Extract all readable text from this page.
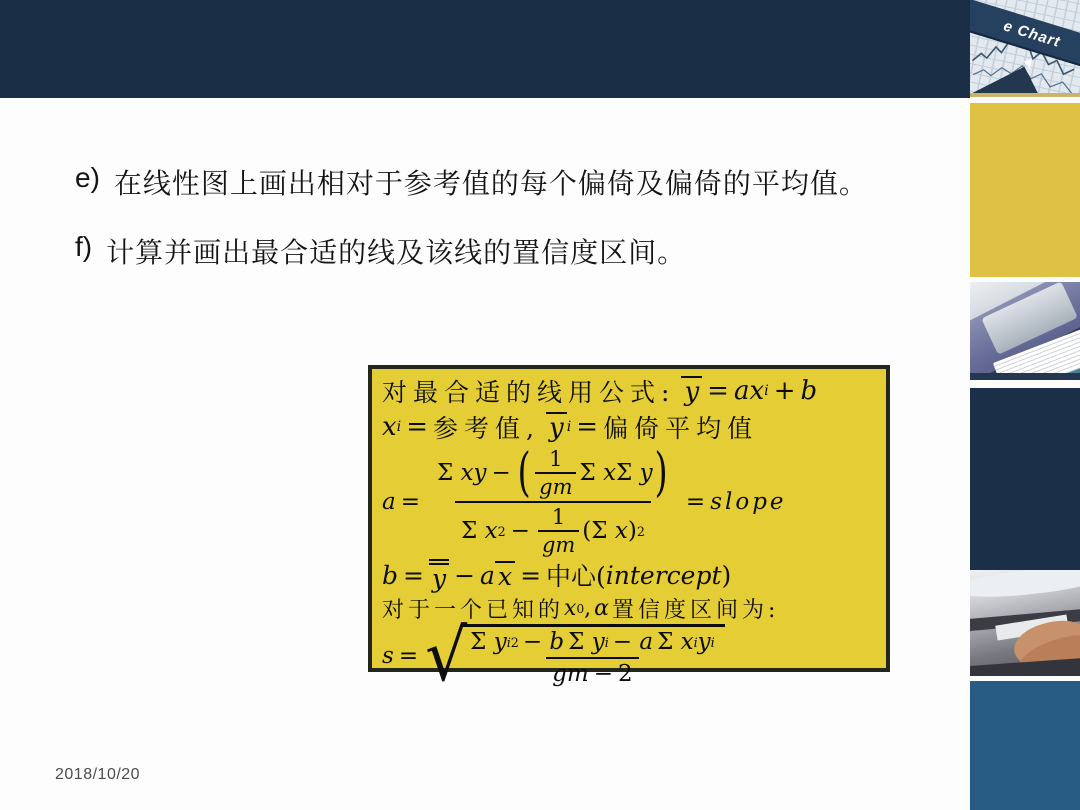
e) 在线性图上画出相对于参考值的每个偏倚及偏倚的平均值。
f) 计算并画出最合适的线及该线的置信度区间。
对最合适的线用公式: y = ax i + b
x i = 参考值, y i = 偏倚平均值
a =
Σ
xy − ( $\frac{1}{gm}$ Σ
x Σ
y )
Σ
x $2 - \frac{1}{gm} (\Sigma$
x ) 2
= slope
b = y − a x = 中心( intercept )
对于一个已知的 x 0 , α 置信度区间为:
s = √
Σ
y i 2 − b Σ
y i − a Σ
x i y i
gm − 2
2018/10/20
e Chart
